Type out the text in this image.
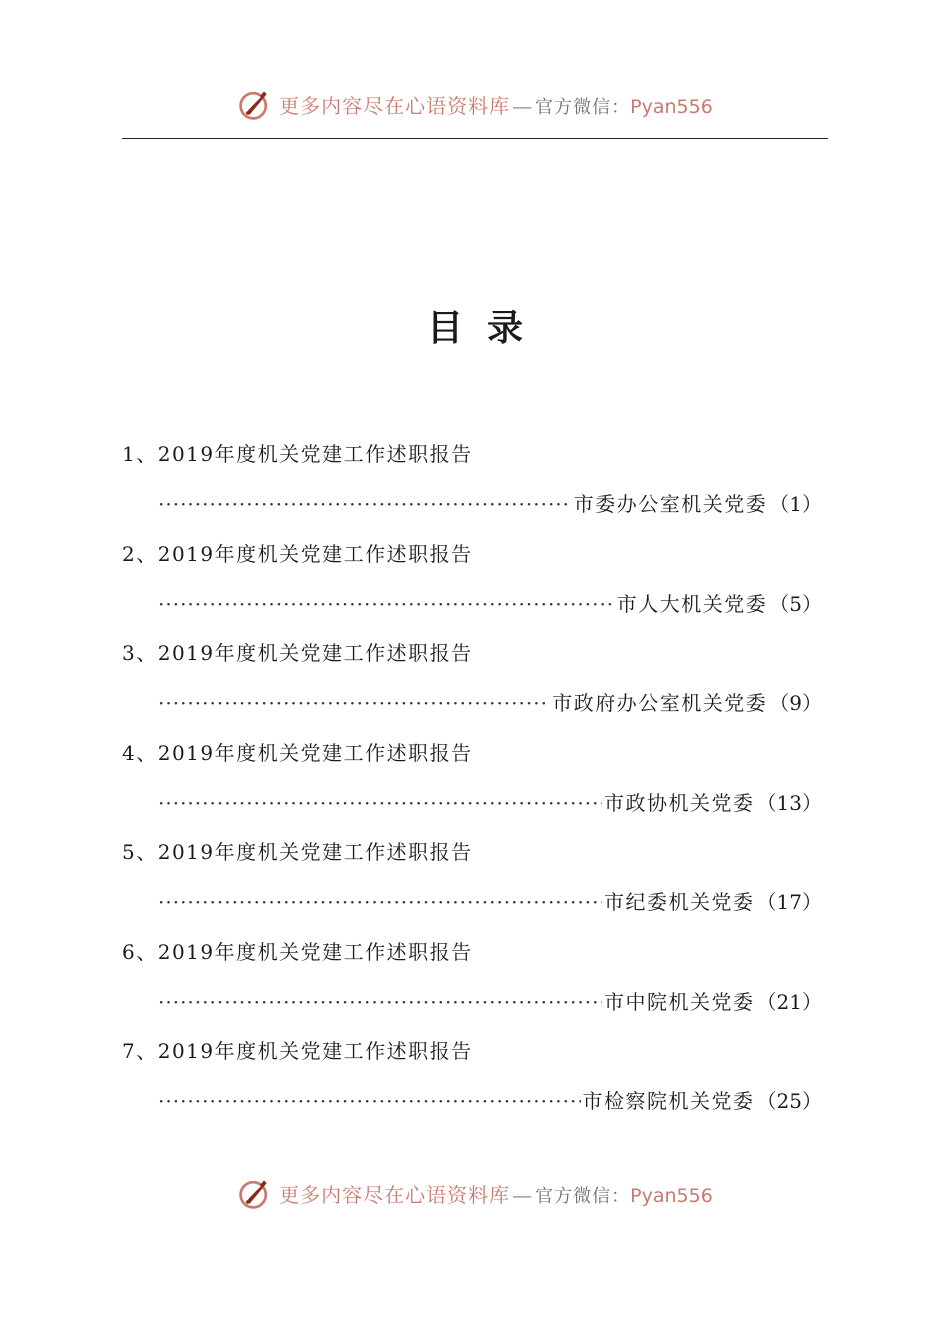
更多内容尽在心语资料库 — 官方微信： Pyan556
目录
1、2019年度机关党建工作述职报告
·····
市委办公室机关党委 （1）
2、2019年度机关党建工作述职报告
·····
市人大机关党委 （5）
3、2019年度机关党建工作述职报告
·····
市政府办公室机关党委 （9）
4、2019年度机关党建工作述职报告
·····
市政协机关党委 （13）
5、2019年度机关党建工作述职报告
·····
市纪委机关党委 （17）
6、2019年度机关党建工作述职报告
·····
市中院机关党委 （21）
7、2019年度机关党建工作述职报告
·····
市检察院机关党委 （25）
更多内容尽在心语资料库 — 官方微信： Pyan556
